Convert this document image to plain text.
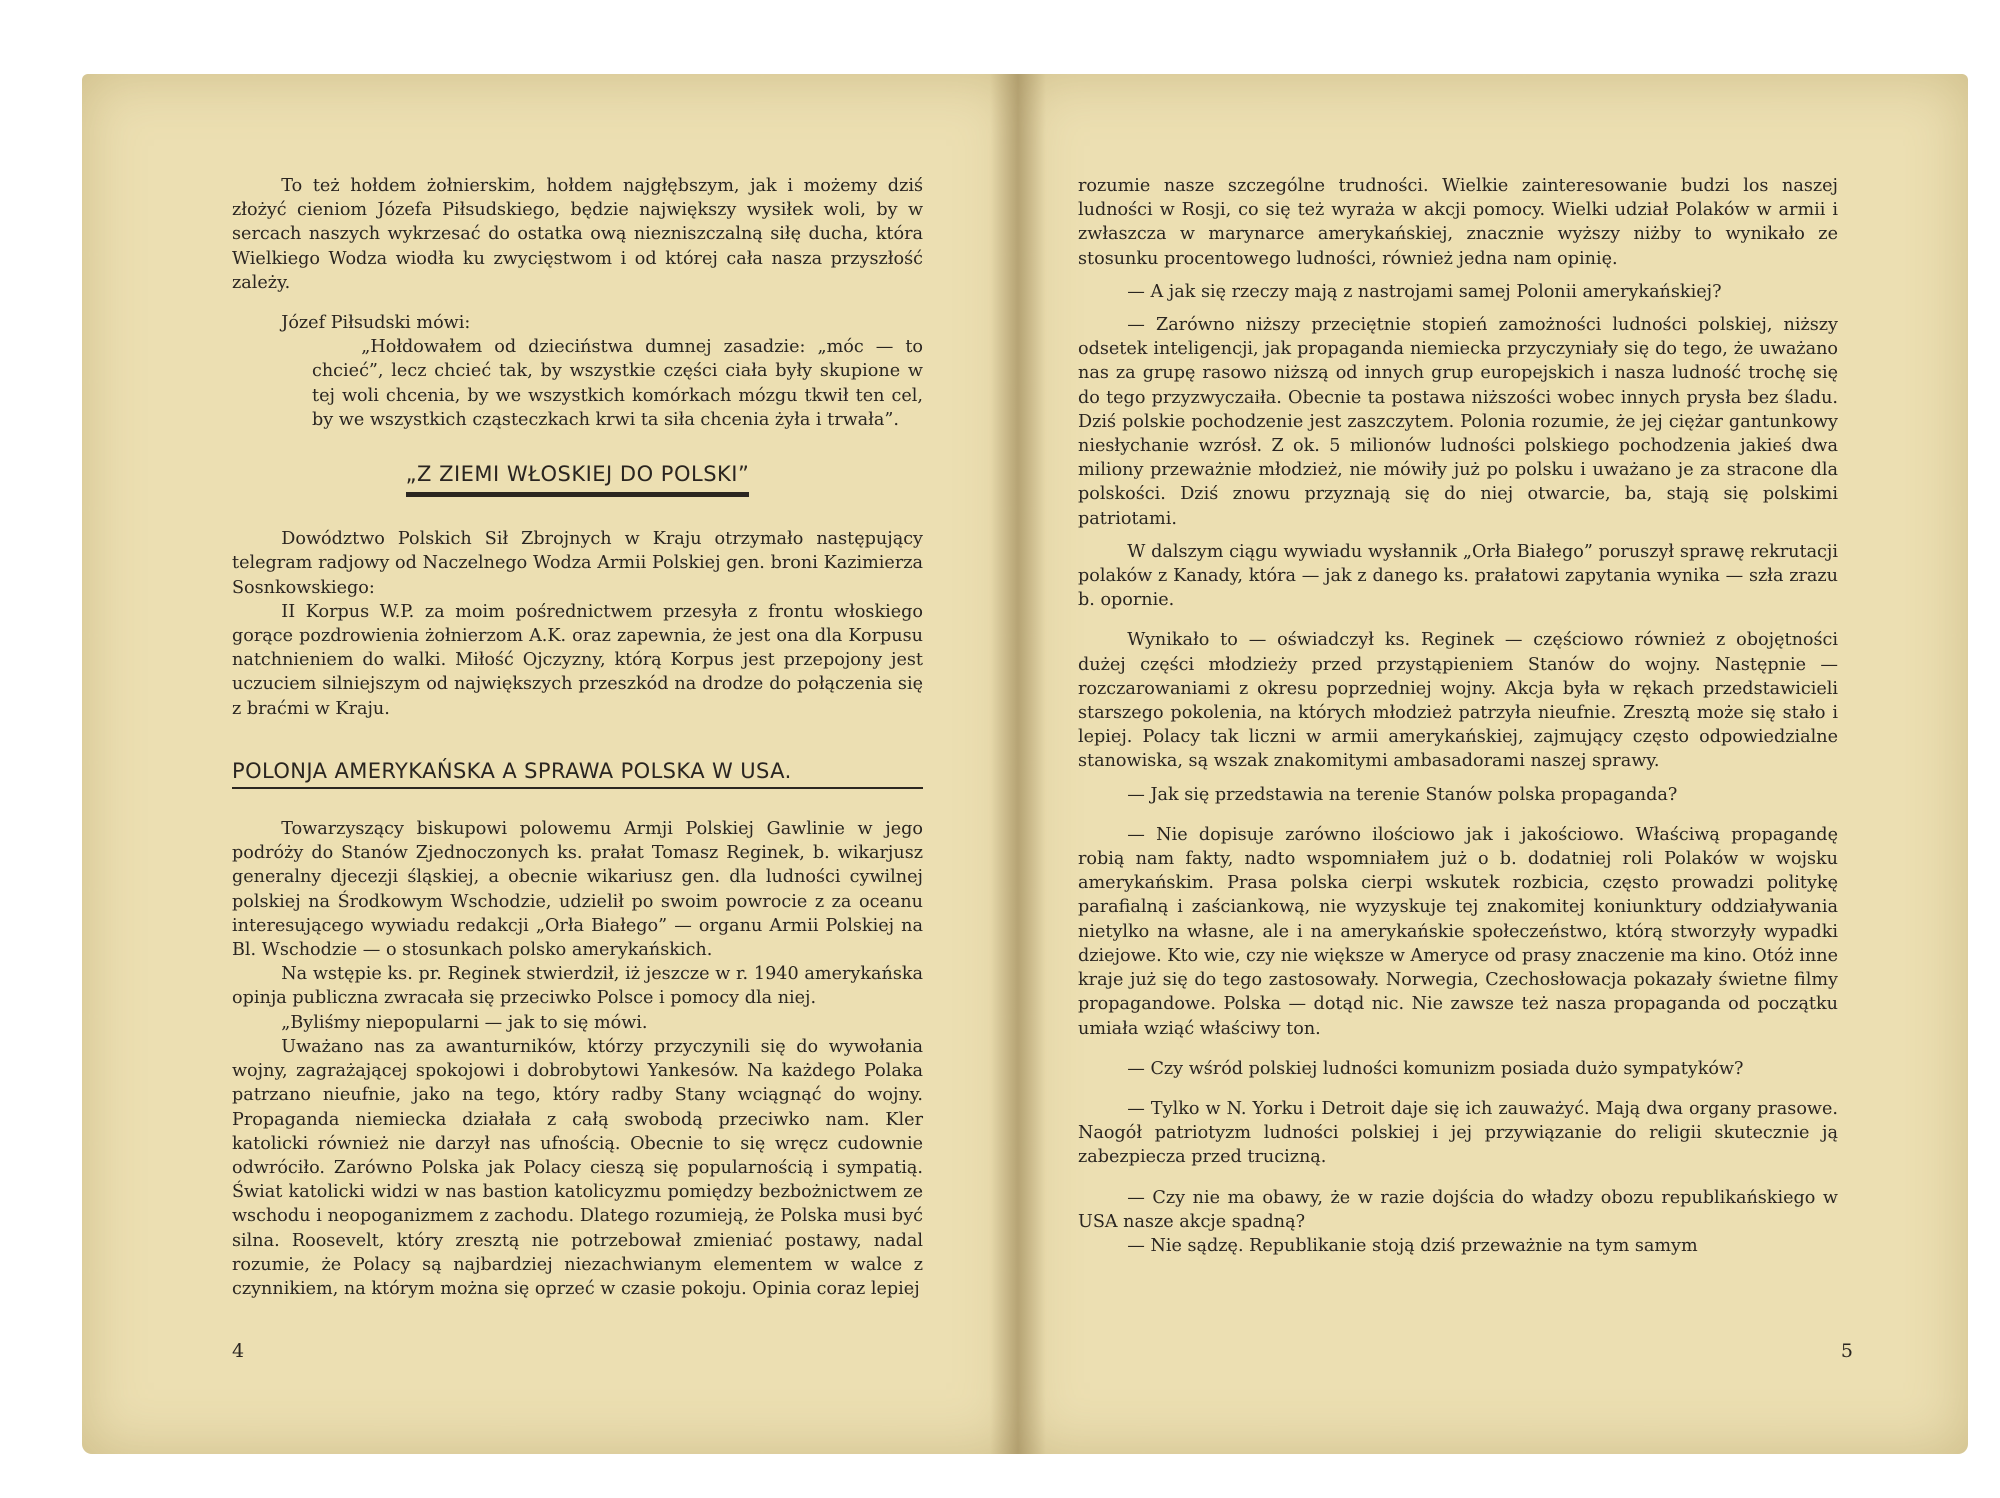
To też hołdem żołnierskim, hołdem najgłębszym, jak i możemy dziś złożyć cieniom Józefa Piłsudskiego, będzie największy wysiłek woli, by w sercach naszych wykrzesać do ostatka ową niezniszczalną siłę ducha, która Wielkiego Wodza wiodła ku zwycięstwom i od której cała nasza przyszłość zależy.

Józef Piłsudski mówi:

„Hołdowałem od dzieciństwa dumnej zasadzie: „móc — to chcieć”, lecz chcieć tak, by wszystkie części ciała były skupione w tej woli chcenia, by we wszystkich komórkach mózgu tkwił ten cel, by we wszystkich cząsteczkach krwi ta siła chcenia żyła i trwała”.

„Z ZIEMI WŁOSKIEJ DO POLSKI”

Dowództwo Polskich Sił Zbrojnych w Kraju otrzymało następujący telegram radjowy od Naczelnego Wodza Armii Polskiej gen. broni Kazimierza Sosnkowskiego:

II Korpus W.P. za moim pośrednictwem przesyła z frontu włoskiego gorące pozdrowienia żołnierzom A.K. oraz zapewnia, że jest ona dla Korpusu natchnieniem do walki. Miłość Ojczyzny, którą Korpus jest przepojony jest uczuciem silniejszym od największych przeszkód na drodze do połączenia się z braćmi w Kraju.

POLONJA AMERYKAŃSKA A SPRAWA POLSKA W USA.

Towarzyszący biskupowi polowemu Armji Polskiej Gawlinie w jego podróży do Stanów Zjednoczonych ks. prałat Tomasz Reginek, b. wikarjusz generalny djecezji śląskiej, a obecnie wikariusz gen. dla ludności cywilnej polskiej na Środkowym Wschodzie, udzielił po swoim powrocie z za oceanu interesującego wywiadu redakcji „Orła Białego” — organu Armii Polskiej na Bl. Wschodzie — o stosunkach polsko amerykańskich.

Na wstępie ks. pr. Reginek stwierdził, iż jeszcze w r. 1940 amerykańska opinja publiczna zwracała się przeciwko Polsce i pomocy dla niej.

„Byliśmy niepopularni — jak to się mówi.

Uważano nas za awanturników, którzy przyczynili się do wywołania wojny, zagrażającej spokojowi i dobrobytowi Yankesów. Na każdego Polaka patrzano nieufnie, jako na tego, który radby Stany wciągnąć do wojny. Propaganda niemiecka działała z całą swobodą przeciwko nam. Kler katolicki również nie darzył nas ufnością. Obecnie to się wręcz cudownie odwróciło. Zarówno Polska jak Polacy cieszą się popularnością i sympatią. Świat katolicki widzi w nas bastion katolicyzmu pomiędzy bezbożnictwem ze wschodu i neopoganizmem z zachodu. Dlatego rozumieją, że Polska musi być silna. Roosevelt, który zresztą nie potrzebował zmieniać postawy, nadal rozumie, że Polacy są najbardziej niezachwianym elementem w walce z czynnikiem, na którym można się oprzeć w czasie pokoju. Opinia coraz lepiej

4

rozumie nasze szczególne trudności. Wielkie zainteresowanie budzi los naszej ludności w Rosji, co się też wyraża w akcji pomocy. Wielki udział Polaków w armii i zwłaszcza w marynarce amerykańskiej, znacznie wyższy niżby to wynikało ze stosunku procentowego ludności, również jedna nam opinię.

— A jak się rzeczy mają z nastrojami samej Polonii amerykańskiej?

— Zarówno niższy przeciętnie stopień zamożności ludności polskiej, niższy odsetek inteligencji, jak propaganda niemiecka przyczyniały się do tego, że uważano nas za grupę rasowo niższą od innych grup europejskich i nasza ludność trochę się do tego przyzwyczaiła. Obecnie ta postawa niższości wobec innych prysła bez śladu. Dziś polskie pochodzenie jest zaszczytem. Polonia rozumie, że jej ciężar gantunkowy niesłychanie wzrósł. Z ok. 5 milionów ludności polskiego pochodzenia jakieś dwa miliony przeważnie młodzież, nie mówiły już po polsku i uważano je za stracone dla polskości. Dziś znowu przyznają się do niej otwarcie, ba, stają się polskimi patriotami.

W dalszym ciągu wywiadu wysłannik „Orła Białego” poruszył sprawę rekrutacji polaków z Kanady, która — jak z danego ks. prałatowi zapytania wynika — szła zrazu b. opornie.

Wynikało to — oświadczył ks. Reginek — częściowo również z obojętności dużej części młodzieży przed przystąpieniem Stanów do wojny. Następnie — rozczarowaniami z okresu poprzedniej wojny. Akcja była w rękach przedstawicieli starszego pokolenia, na których młodzież patrzyła nieufnie. Zresztą może się stało i lepiej. Polacy tak liczni w armii amerykańskiej, zajmujący często odpowiedzialne stanowiska, są wszak znakomitymi ambasadorami naszej sprawy.

— Jak się przedstawia na terenie Stanów polska propaganda?

— Nie dopisuje zarówno ilościowo jak i jakościowo. Właściwą propagandę robią nam fakty, nadto wspomniałem już o b. dodatniej roli Polaków w wojsku amerykańskim. Prasa polska cierpi wskutek rozbicia, często prowadzi politykę parafialną i zaściankową, nie wyzyskuje tej znakomitej koniunktury oddziaływania nietylko na własne, ale i na amerykańskie społeczeństwo, którą stworzyły wypadki dziejowe. Kto wie, czy nie większe w Ameryce od prasy znaczenie ma kino. Otóż inne kraje już się do tego zastosowały. Norwegia, Czechosłowacja pokazały świetne filmy propagandowe. Polska — dotąd nic. Nie zawsze też nasza propaganda od początku umiała wziąć właściwy ton.

— Czy wśród polskiej ludności komunizm posiada dużo sympatyków?

— Tylko w N. Yorku i Detroit daje się ich zauważyć. Mają dwa organy prasowe. Naogół patriotyzm ludności polskiej i jej przywiązanie do religii skutecznie ją zabezpiecza przed trucizną.

— Czy nie ma obawy, że w razie dojścia do władzy obozu republikańskiego w USA nasze akcje spadną?

— Nie sądzę. Republikanie stoją dziś przeważnie na tym samym

5
